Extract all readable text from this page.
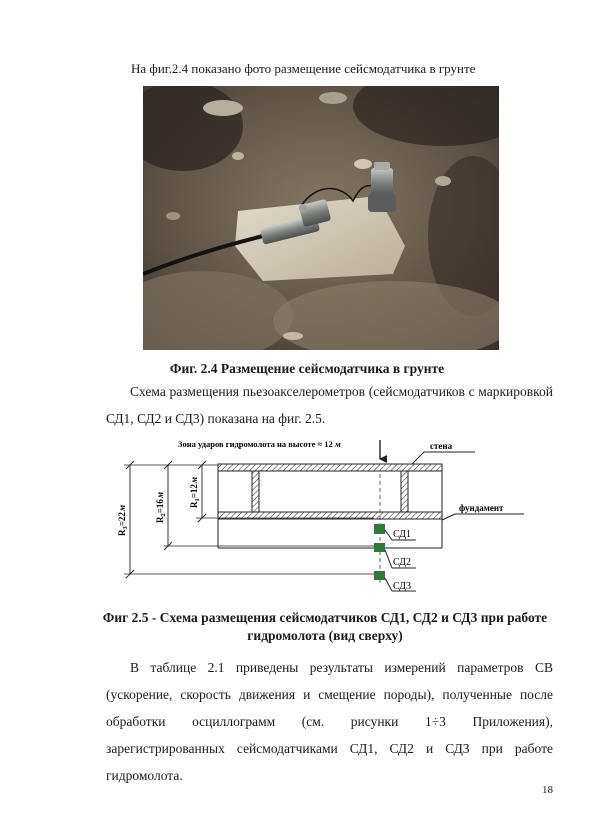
На фиг.2.4 показано фото размещение сейсмодатчика в грунте
Фиг. 2.4 Размещение сейсмодатчика в грунте

Схема размещения пьезоакселерометров (сейсмодатчиков с маркировкой СД1, СД2 и СД3) показана на фиг. 2.5.

Зона ударов гидромолота на высоте ≈ 12 м	стена
фундамент
СД1
СД2
СД3
$R_3=22м$
$R_2=16м$
$R_1=12м$
Фиг 2.5 - Схема размещения сейсмодатчиков СД1, СД2 и СД3 при работе
гидромолота (вид сверху)

В таблице 2.1 приведены результаты измерений параметров СВ (ускорение, скорость движения и смещение породы), полученные после обработки осциллограмм (см. рисунки 1÷3 Приложения), зарегистрированных сейсмодатчиками СД1, СД2 и СД3 при работе гидромолота.

18
